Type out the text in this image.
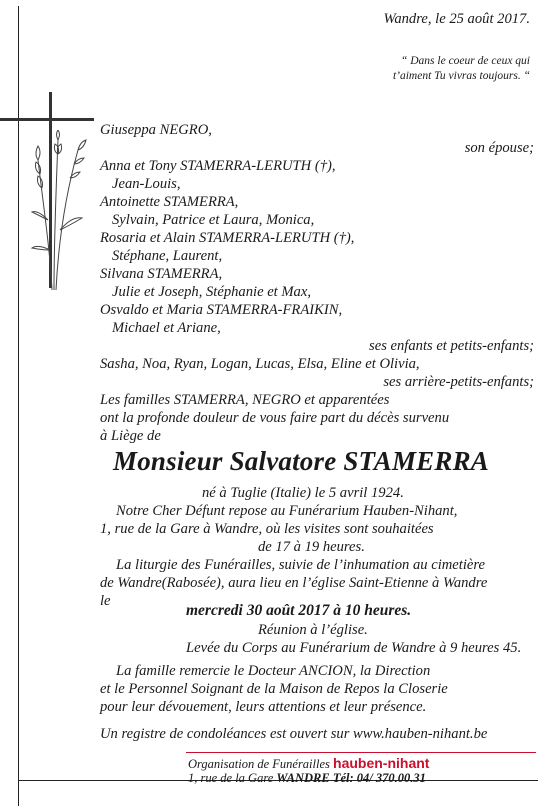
Wandre, le 25 août 2017.
“ Dans le coeur de ceux qui
t’aiment Tu vivras toujours. “
Giuseppa NEGRO,
son épouse;
Anna et Tony STAMERRA-LERUTH (†),
Jean-Louis,
Antoinette STAMERRA,
Sylvain, Patrice et Laura, Monica,
Rosaria et Alain STAMERRA-LERUTH (†),
Stéphane, Laurent,
Silvana STAMERRA,
Julie et Joseph, Stéphanie et Max,
Osvaldo et Maria STAMERRA-FRAIKIN,
Michael et Ariane,
ses enfants et petits-enfants;
Sasha, Noa, Ryan, Logan, Lucas, Elsa, Eline et Olivia,
ses arrière-petits-enfants;
Les familles STAMERRA, NEGRO et apparentées
ont la profonde douleur de vous faire part du décès survenu
à Liège de
Monsieur Salvatore STAMERRA
né à Tuglie (Italie) le 5 avril 1924.
Notre Cher Défunt repose au Funérarium Hauben-Nihant,
1, rue de la Gare à Wandre, où les visites sont souhaitées
de 17 à 19 heures.
La liturgie des Funérailles, suivie de l’inhumation au cimetière
de Wandre(Rabosée), aura lieu en l’église Saint-Etienne à Wandre
le
mercredi 30 août 2017 à 10 heures.
Réunion à l’église.
Levée du Corps au Funérarium de Wandre à 9 heures 45.
La famille remercie le Docteur ANCION, la Direction
et le Personnel Soignant de la Maison de Repos la Closerie
pour leur dévouement, leurs attentions et leur présence.
Un registre de condoléances est ouvert sur www.hauben-nihant.be
Organisation de Funérailles hauben-nihant
1, rue de la Gare WANDRE Tél: 04/ 370.00.31
